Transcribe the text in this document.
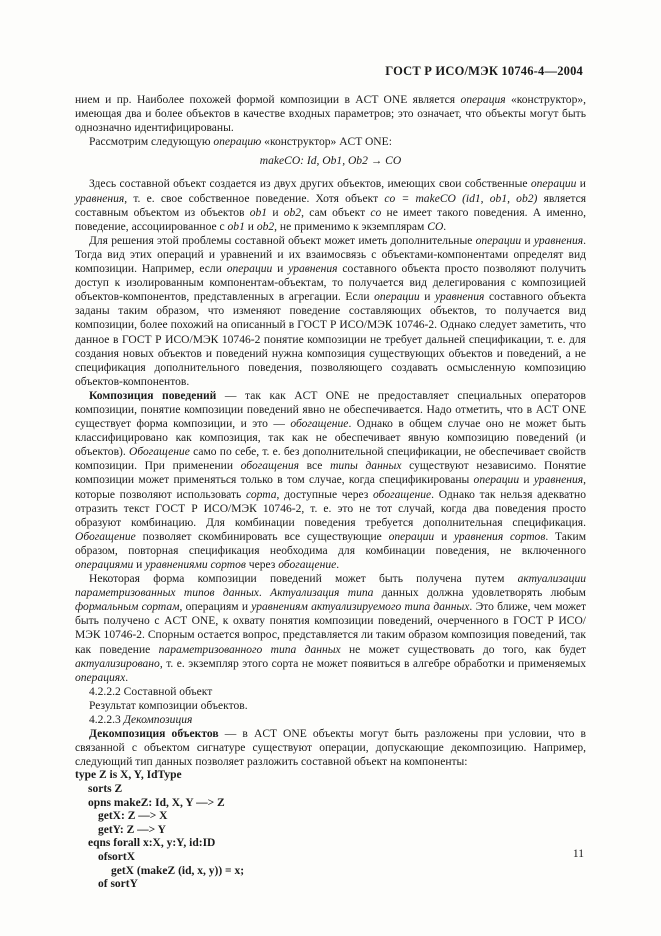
ГОСТ Р ИСО/МЭК 10746-4—2004

нием и пр. Наиболее похожей формой композиции в ACT ONE является операция «конструктор», имеющая два и более объектов в качестве входных параметров; это означает, что объекты могут быть однозначно идентифицированы.

Рассмотрим следующую операцию «конструктор» ACT ONE:

makeCO: Id, Ob1, Ob2 → CO

Здесь составной объект создается из двух других объектов, имеющих свои собственные операции и уравнения, т. е. свое собственное поведение. Хотя объект co = makeCO (id1, ob1, ob2) является составным объектом из объектов ob1 и ob2, сам объект co не имеет такого поведения. А именно, поведение, ассоциированное с ob1 и ob2, не применимо к экземплярам CO.

Для решения этой проблемы составной объект может иметь дополнительные операции и уравнения. Тогда вид этих операций и уравнений и их взаимосвязь с объектами-компонентами определят вид композиции. Например, если операции и уравнения составного объекта просто позволяют получить доступ к изолированным компонентам-объектам, то получается вид делегирования с композицией объектов-компонентов, представленных в агрегации. Если операции и уравнения составного объекта заданы таким образом, что изменяют поведение составляющих объектов, то получается вид композиции, более похожий на описанный в ГОСТ Р ИСО/МЭК 10746-2. Однако следует заметить, что данное в ГОСТ Р ИСО/МЭК 10746-2 понятие композиции не требует дальней спецификации, т. е. для создания новых объектов и поведений нужна композиция существующих объектов и поведений, а не спецификация дополнительного поведения, позволяющего создавать осмысленную композицию объектов-компонентов.

Композиция поведений — так как ACT ONE не предоставляет специальных операторов композиции, понятие композиции поведений явно не обеспечивается. Надо отметить, что в ACT ONE существует форма композиции, и это — обогащение. Однако в общем случае оно не может быть классифицировано как композиция, так как не обеспечивает явную композицию поведений (и объектов). Обогащение само по себе, т. е. без дополнительной спецификации, не обеспечивает свойств композиции. При применении обогащения все типы данных существуют независимо. Понятие композиции может применяться только в том случае, когда спецификированы операции и уравнения, которые позволяют использовать сорта, доступные через обогащение. Однако так нельзя адекватно отразить текст ГОСТ Р ИСО/МЭК 10746-2, т. е. это не тот случай, когда два поведения просто образуют комбинацию. Для комбинации поведения требуется дополнительная спецификация. Обогащение позволяет скомбинировать все существующие операции и уравнения сортов. Таким образом, повторная спецификация необходима для комбинации поведения, не включенного операциями и уравнениями сортов через обогащение.

Некоторая форма композиции поведений может быть получена путем актуализации параметризованных типов данных. Актуализация типа данных должна удовлетворять любым формальным сортам, операциям и уравнениям актуализируемого типа данных. Это ближе, чем может быть получено с ACT ONE, к охвату понятия композиции поведений, очерченного в ГОСТ Р ИСО/МЭК 10746-2. Спорным остается вопрос, представляется ли таким образом композиция поведений, так как поведение параметризованного типа данных не может существовать до того, как будет актуализировано, т. е. экземпляр этого сорта не может появиться в алгебре обработки и применяемых операциях.

4.2.2.2 Составной объект

Результат композиции объектов.

4.2.2.3 Декомпозиция

Декомпозиция объектов — в ACT ONE объекты могут быть разложены при условии, что в связанной с объектом сигнатуре существуют операции, допускающие декомпозицию. Например, следующий тип данных позволяет разложить составной объект на компоненты:

type Z is X, Y, IdType
sorts Z
opns makeZ: Id, X, Y —> Z
getX: Z —> X
getY: Z —> Y
eqns forall x:X, y:Y, id:ID
ofsortX
getX (makeZ (id, x, y)) = x;
of sortY
11
